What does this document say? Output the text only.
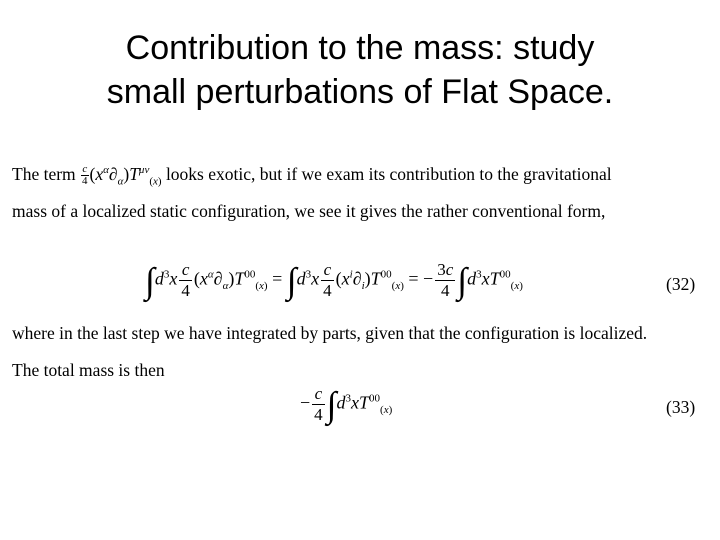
Contribution to the mass: study
small perturbations of Flat Space.
The term $\frac{c}{4} (x^\alpha\partial_\alpha)T^{\mu\nu}_{(x)}$ looks exotic, but if we exam its contribution to the gravitational
mass of a localized static configuration, we see it gives the rather conventional form,
$\int d^3x \frac{c}{4} (x^\alpha\partial_\alpha)T^{00}_{(x)} = \int d^3x \frac{c}{4} (x^i\partial_i)T^{00}_{(x)}$ = − $\frac{3c}{4} \int d^3xT^{00}_{(x)}$	(32)
where in the last step we have integrated by parts, given that the configuration is localized.
The total mass is then
− $\frac{c}{4} \int d^3xT^{00}_{(x)}$	(33)
